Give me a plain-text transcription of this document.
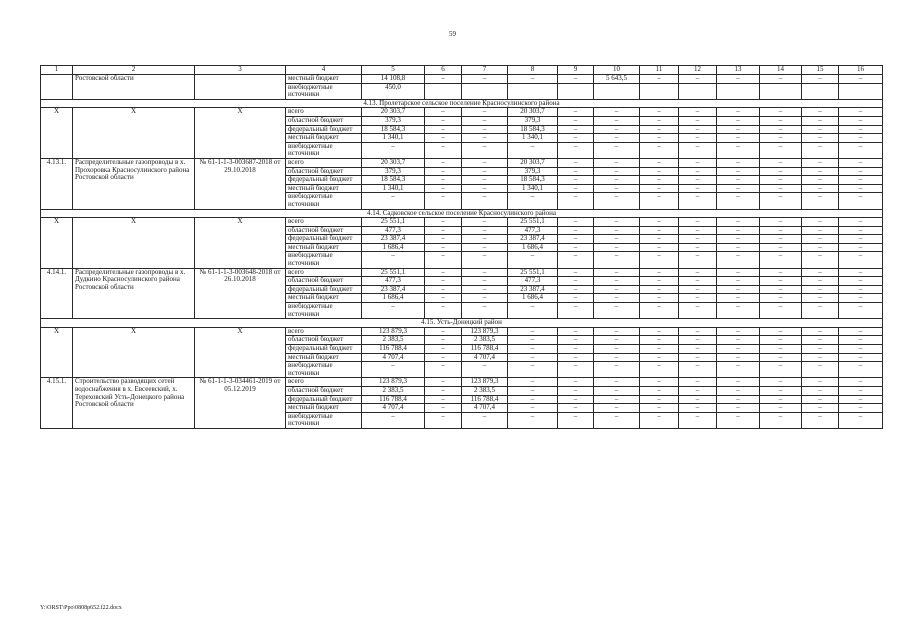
59
1	2	3	4	5	6	7	8	9	10	11	12	13	14	15	16
	Ростовской области		местный бюджет	14 108,8	–	–	–	–	5 643,5	–	–	–	–	–	–
			внебюджетные источники	450,0											
4.13. Пролетарское сельское поселение Красносулинского района															
Х	Х	Х	всего	20 303,7	–	–	20 303,7	–	–	–	–	–	–	–	–
			областной бюджет	379,3	–	–	379,3	–	–	–	–	–	–	–	–
			федеральный бюджет	18 584,3	–	–	18 584,3	–	–	–	–	–	–	–	–
			местный бюджет	1 340,1	–	–	1 340,1	–	–	–	–	–	–	–	–
			внебюджетные источники	–	–	–	–	–	–	–	–	–	–	–	–
4.13.1.	Распределительные газопроводы в х. Прохоровка Красносулинского района Ростовской области	№ 61-1-1-3-003687-2018 от 29.10.2018	всего	20 303,7	–	–	20 303,7	–	–	–	–	–	–	–	–
			областной бюджет	379,3	–	–	379,3	–	–	–	–	–	–	–	–
			федеральный бюджет	18 584,3	–	–	18 584,3	–	–	–	–	–	–	–	–
			местный бюджет	1 340,1	–	–	1 340,1	–	–	–	–	–	–	–	–
			внебюджетные источники	–	–	–	–	–	–	–	–	–	–	–	–
4.14. Садковское сельское поселение Красносулинского района															
Х	Х	Х	всего	25 551,1	–	–	25 551,1	–	–	–	–	–	–	–	–
			областной бюджет	477,3	–	–	477,3	–	–	–	–	–	–	–	–
			федеральный бюджет	23 387,4	–	–	23 387,4	–	–	–	–	–	–	–	–
			местный бюджет	1 686,4	–	–	1 686,4	–	–	–	–	–	–	–	–
			внебюджетные источники	–	–	–	–	–	–	–	–	–	–	–	–
4.14.1.	Распределительные газопроводы в х. Дудкино Красносулинского района Ростовской области	№ 61-1-1-3-003648-2018 от 26.10.2018	всего	25 551,1	–	–	25 551,1	–	–	–	–	–	–	–	–
			областной бюджет	477,3	–	–	477,3	–	–	–	–	–	–	–	–
			федеральный бюджет	23 387,4	–	–	23 387,4	–	–	–	–	–	–	–	–
			местный бюджет	1 686,4	–	–	1 686,4	–	–	–	–	–	–	–	–
			внебюджетные источники	–	–	–	–	–	–	–	–	–	–	–	–
4.15. Усть-Донецкий район															
Х	Х	Х	всего	123 879,3	–	123 879,3	–	–	–	–	–	–	–	–	–
			областной бюджет	2 383,5	–	2 383,5	–	–	–	–	–	–	–	–	–
			федеральный бюджет	116 788,4	–	116 788,4	–	–	–	–	–	–	–	–	–
			местный бюджет	4 707,4	–	4 707,4	–	–	–	–	–	–	–	–	–
			внебюджетные источники	–	–	–	–	–	–	–	–	–	–	–	–
4.15.1.	Строительство разводящих сетей водоснабжения в х. Евсеевский, х. Тереховский Усть-Донецкого района Ростовской области	№ 61-1-1-3-034461-2019 от 05.12.2019	всего	123 879,3	–	123 879,3	–	–	–	–	–	–	–	–	–
			областной бюджет	2 383,5	–	2 383,5	–	–	–	–	–	–	–	–	–
			федеральный бюджет	116 788,4	–	116 788,4	–	–	–	–	–	–	–	–	–
			местный бюджет	4 707,4	–	4 707,4	–	–	–	–	–	–	–	–	–
			внебюджетные источники	–	–	–	–	–	–	–	–	–	–	–	–
Y:\ORST\Ppo\0808p652.f22.docx
